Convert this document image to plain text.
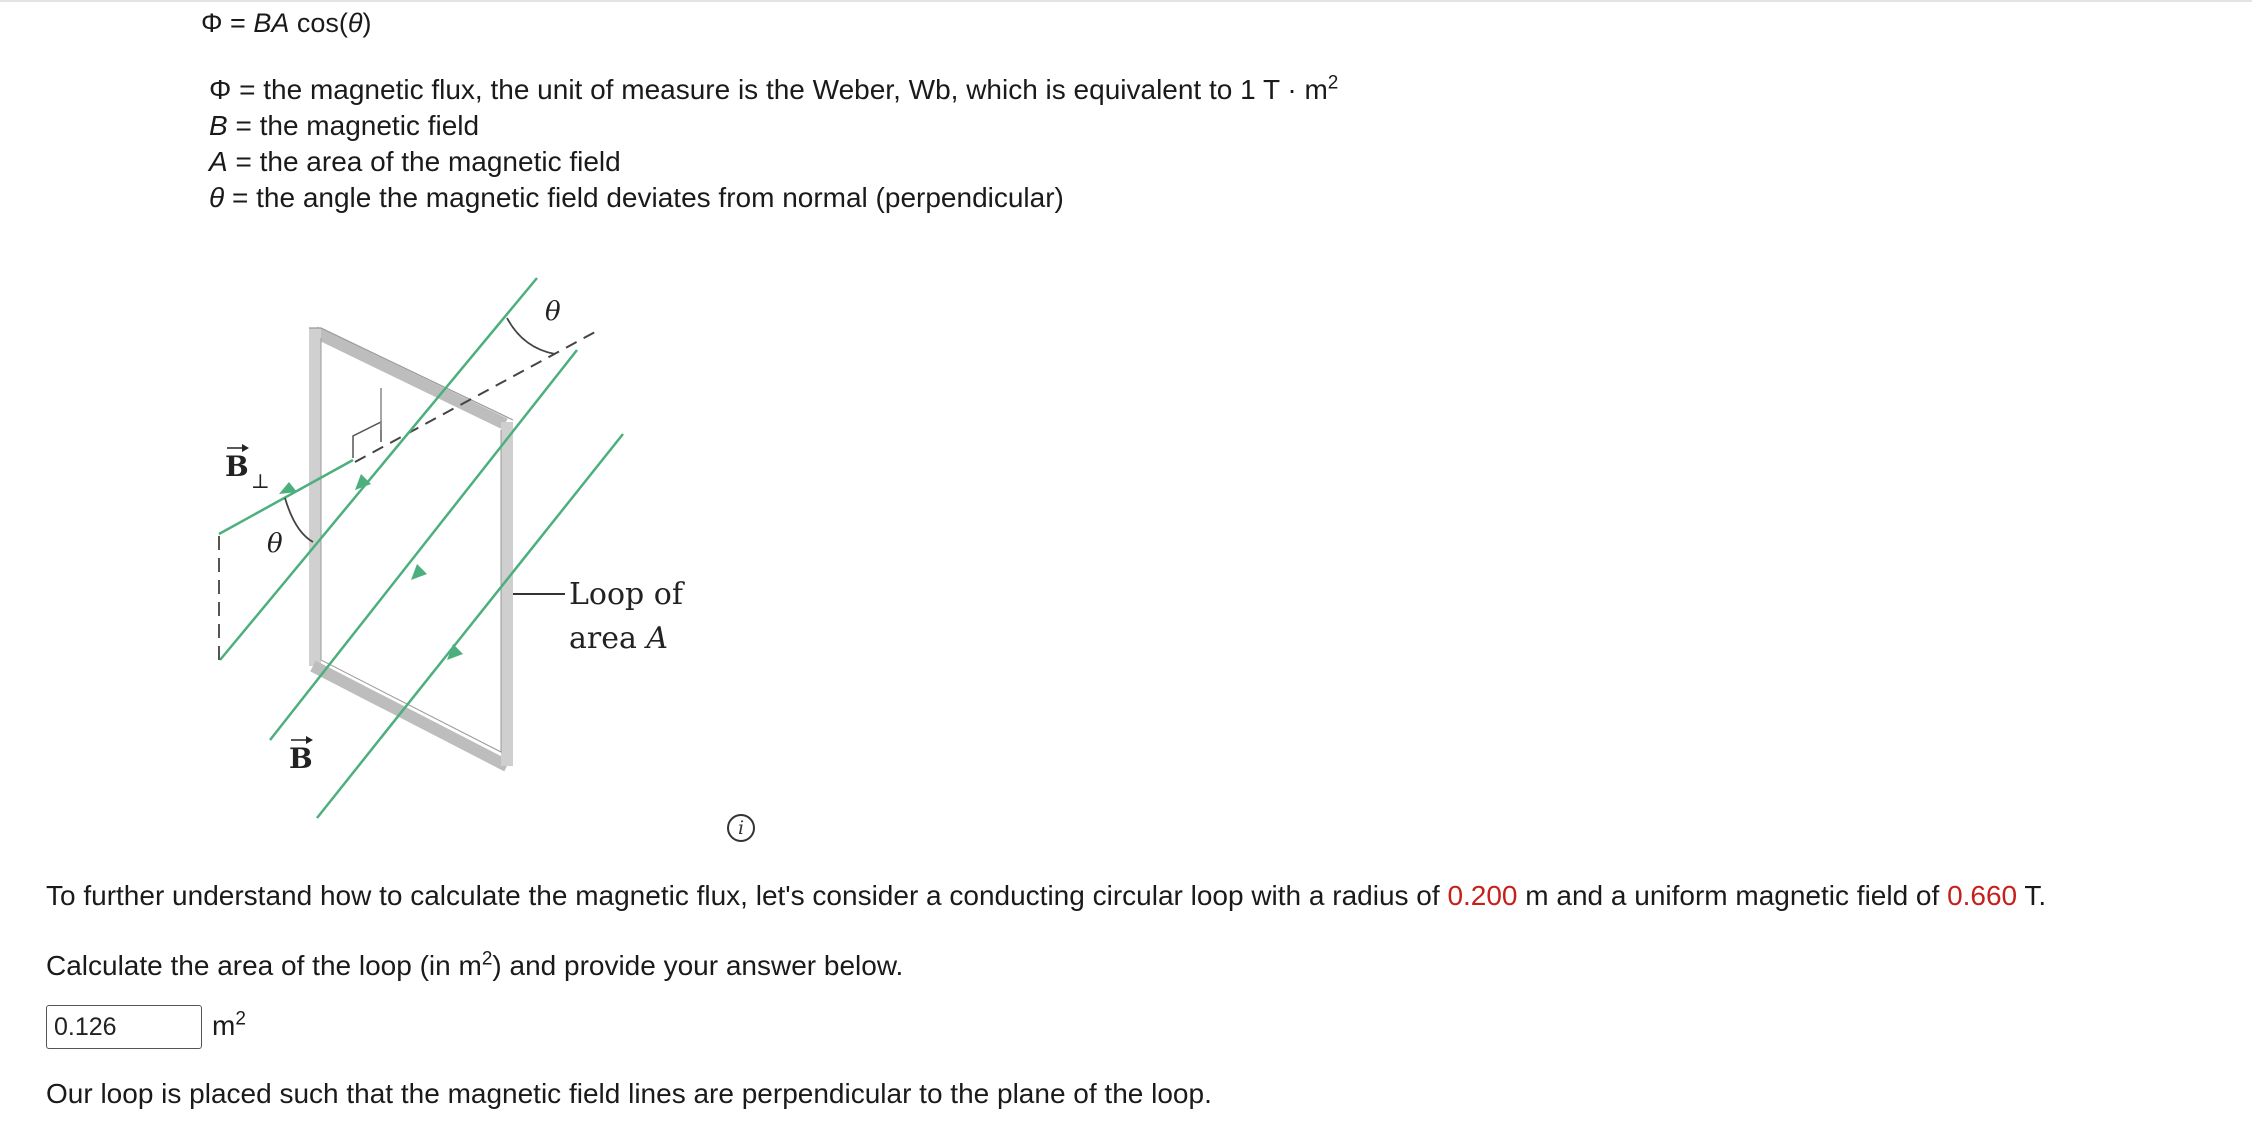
Φ = BA cos(θ)
Φ = the magnetic flux, the unit of measure is the Weber, Wb, which is equivalent to 1 $T \cdot m^2$
B = the magnetic field
A = the area of the magnetic field
θ = the angle the magnetic field deviates from normal (perpendicular)
θ
θ
B ⊥
B
Loop of
area A
i
To further understand how to calculate the magnetic flux, let's consider a conducting circular loop with a radius of 0.200 m and a uniform magnetic field of 0.660 T.
Calculate the area of the loop (in $m^2$) and provide your answer below.
0.126
$m^2$
Our loop is placed such that the magnetic field lines are perpendicular to the plane of the loop.
